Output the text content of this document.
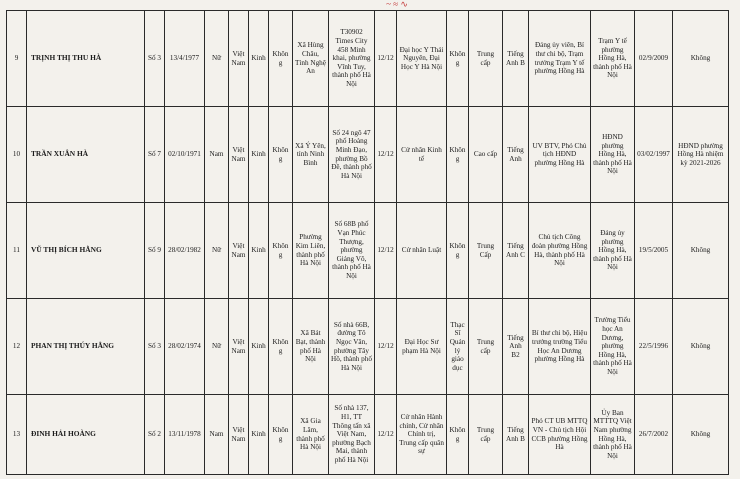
~ ≈ ∿
9	TRỊNH THỊ THU HÀ	Số 3	13/4/1977	Nữ	Việt Nam	Kinh	Không	Xã Hùng Châu, Tỉnh Nghệ An	T30902 Times City 458 Minh khai, phường Vĩnh Tuy, thành phố Hà Nội	12/12	Đại học Y Thái Nguyên, Đại Học Y Hà Nội	Không	Trung cấp	Tiếng Anh B	Đảng ủy viên, Bí thư chi bộ, Trạm trưởng Trạm Y tế phường Hồng Hà	Trạm Y tế phường Hồng Hà, thành phố Hà Nội	02/9/2009	Không
10	TRẦN XUÂN HÀ	Số 7	02/10/1971	Nam	Việt Nam	Kinh	Không	Xã Ý Yên, tỉnh Ninh Bình	Số 24 ngõ 47 phố Hoàng Minh Đạo, phường Bồ Đề, thành phố Hà Nội	12/12	Cử nhân Kinh tế	Không	Cao cấp	Tiếng Anh	UV BTV, Phó Chủ tịch HĐND phường Hồng Hà	HĐND phường Hồng Hà, thành phố Hà Nội	03/02/1997	HĐND phường Hồng Hà nhiệm kỳ 2021-2026
11	VŨ THỊ BÍCH HẰNG	Số 9	28/02/1982	Nữ	Việt Nam	Kinh	Không	Phường Kim Liên, thành phố Hà Nội	Số 68B phố Vạn Phúc Thượng, phường Giảng Võ, thành phố Hà Nội	12/12	Cử nhân Luật	Không	Trung Cấp	Tiếng Anh C	Chủ tịch Công đoàn phường Hồng Hà, thành phố Hà Nội	Đảng ủy phường Hồng Hà, thành phố Hà Nội	19/5/2005	Không
12	PHAN THỊ THÚY HẰNG	Số 3	28/02/1974	Nữ	Việt Nam	Kinh	Không	Xã Bát Bạt, thành phố Hà Nội	Số nhà 66B, đường Tô Ngọc Vân, phường Tây Hồ, thành phố Hà Nội	12/12	Đại Học Sư phạm Hà Nội	Thạc Sĩ Quản lý giáo dục	Trung cấp	Tiếng Anh B2	Bí thư chi bộ, Hiệu trưởng trường Tiểu Học An Dương phường Hồng Hà	Trường Tiểu học An Dương, phường Hồng Hà, thành phố Hà Nội	22/5/1996	Không
13	ĐINH HẢI HOÀNG	Số 2	13/11/1978	Nam	Việt Nam	Kinh	Không	Xã Gia Lâm, thành phố Hà Nội	Số nhà 137, H1, TT Thông tấn xã Việt Nam, phường Bạch Mai, thành phố Hà Nội	12/12	Cử nhân Hành chính, Cử nhân Chính trị, Trung cấp quân sự	Không	Trung cấp	Tiếng Anh B	Phó CT UB MTTQ VN - Chủ tịch Hội CCB phường Hồng Hà	Ủy Ban MTTTQ Việt Nam phường Hồng Hà, thành phố Hà Nội	26/7/2002	Không
